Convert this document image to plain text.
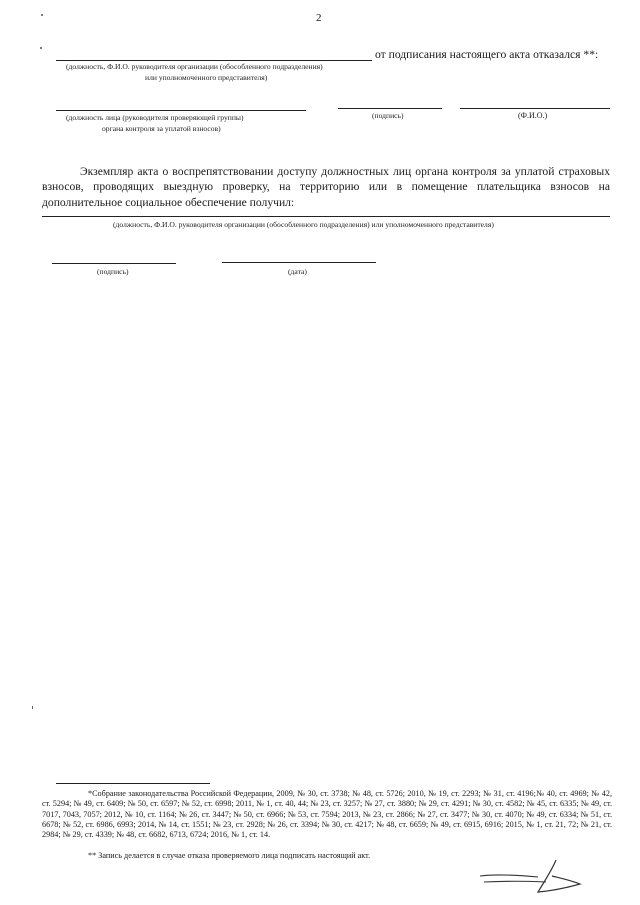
2
от подписания настоящего акта отказался **:
(должность, Ф.И.О. руководителя организации (обособленного подразделения)
или уполномоченного представителя)
(должность лица (руководителя проверяющей группы)
органа контроля за уплатой взносов)
(подпись)	(Ф.И.О.)
Экземпляр акта о воспрепятствовании доступу должностных лиц органа контроля за уплатой страховых взносов, проводящих выездную проверку, на территорию или в помещение плательщика взносов на дополнительное социальное обеспечение получил:
(должность, Ф.И.О. руководителя организации (обособленного подразделения) или уполномоченного представителя)
(подпись)	(дата)
*Собрание законодательства Российской Федерации, 2009, № 30, ст. 3738; № 48, ст. 5726; 2010, № 19, ст. 2293; № 31, ст. 4196;№ 40, ст. 4969; № 42, ст. 5294; № 49, ст. 6409; № 50, ст. 6597; № 52, ст. 6998; 2011, № 1, ст. 40, 44; № 23, ст. 3257; № 27, ст. 3880; № 29, ст. 4291; № 30, ст. 4582; № 45, ст. 6335; № 49, ст. 7017, 7043, 7057; 2012, № 10, ст. 1164; № 26, ст. 3447; № 50, ст. 6966; № 53, ст. 7594; 2013, № 23, ст. 2866; № 27, ст. 3477; № 30, ст. 4070; № 49, ст. 6334; № 51, ст. 6678; № 52, ст. 6986, 6993; 2014, № 14, ст. 1551; № 23, ст. 2928; № 26, ст. 3394; № 30, ст. 4217; № 48, ст. 6659; № 49, ст. 6915, 6916; 2015, № 1, ст. 21, 72; № 21, ст. 2984; № 29, ст. 4339; № 48, ст. 6682, 6713, 6724; 2016, № 1, ст. 14.
** Запись делается в случае отказа проверяемого лица подписать настоящий акт.
